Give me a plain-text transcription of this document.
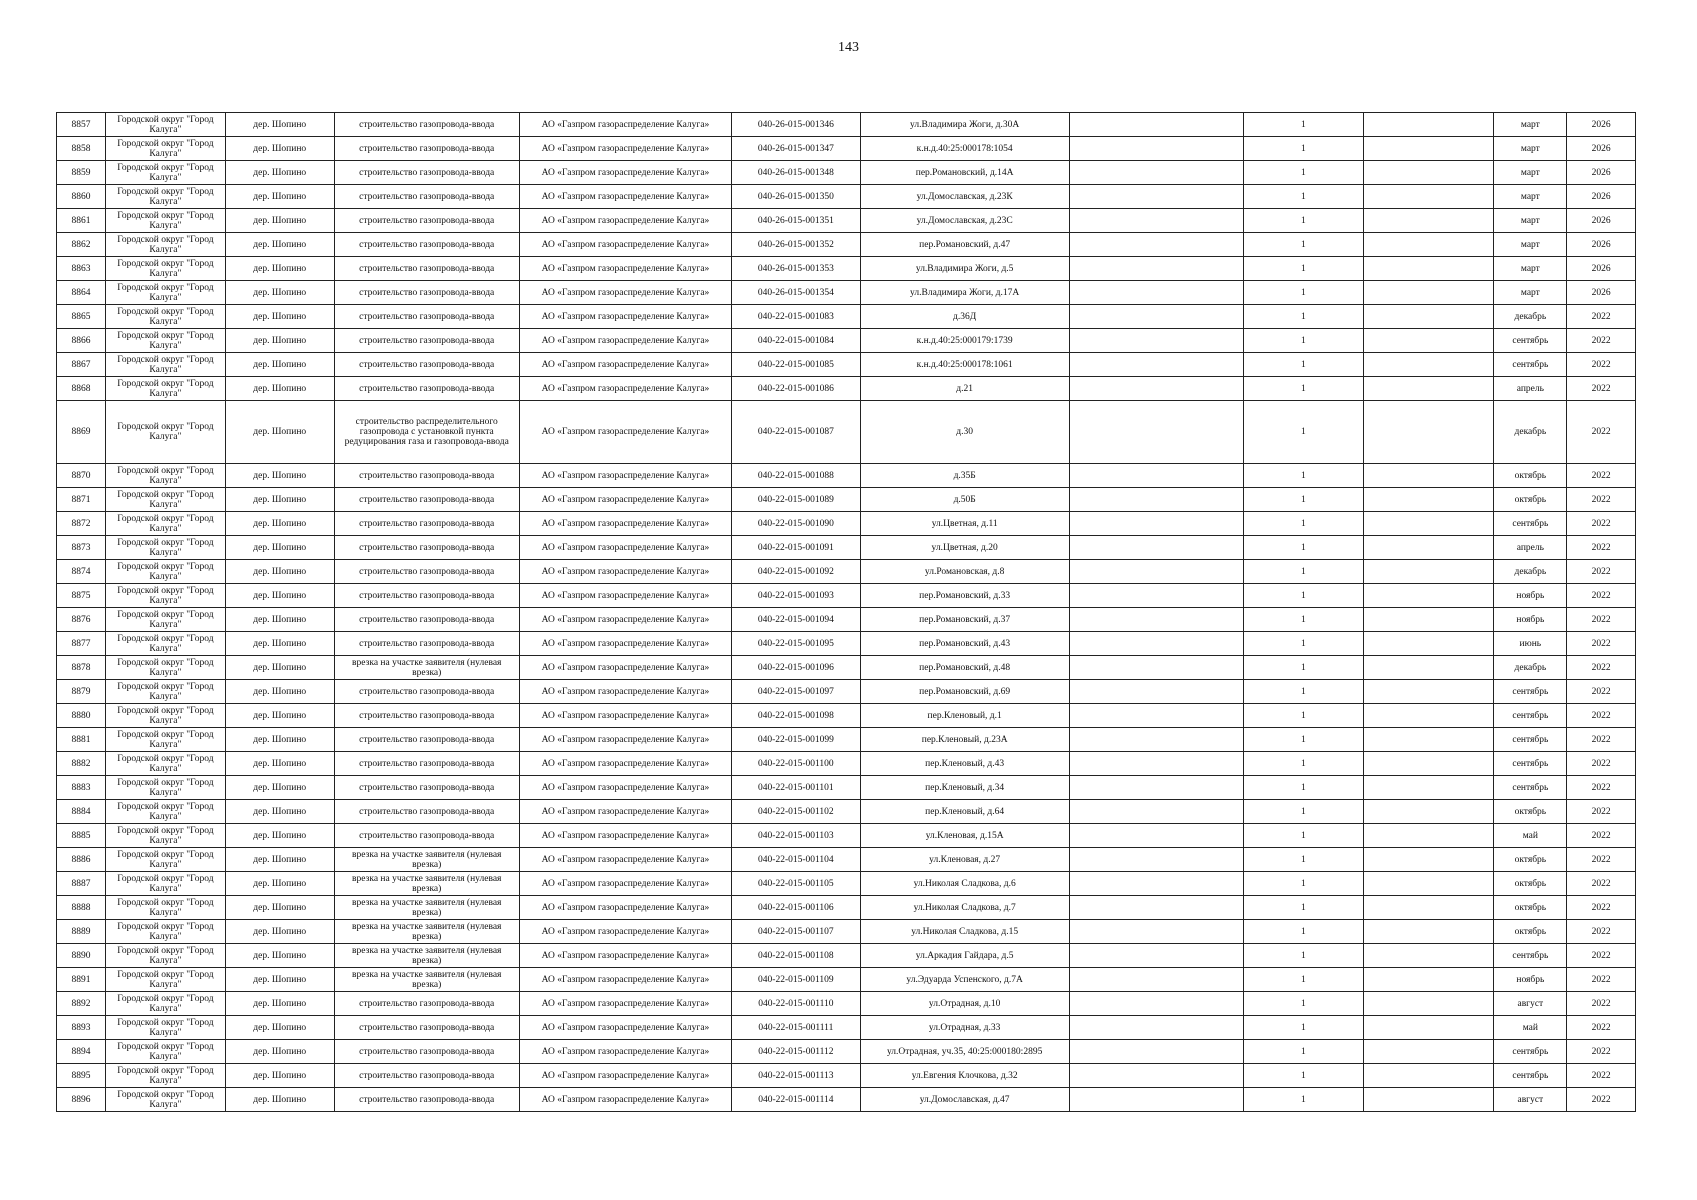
143
8857	Городской округ "Город Калуга"	дер. Шопино	строительство газопровода-ввода	АО «Газпром газораспределение Калуга»	040-26-015-001346	ул.Владимира Жоги, д.30А		1		март	2026
8858	Городской округ "Город Калуга"	дер. Шопино	строительство газопровода-ввода	АО «Газпром газораспределение Калуга»	040-26-015-001347	к.н.д.40:25:000178:1054		1		март	2026
8859	Городской округ "Город Калуга"	дер. Шопино	строительство газопровода-ввода	АО «Газпром газораспределение Калуга»	040-26-015-001348	пер.Романовский, д.14А		1		март	2026
8860	Городской округ "Город Калуга"	дер. Шопино	строительство газопровода-ввода	АО «Газпром газораспределение Калуга»	040-26-015-001350	ул.Домославская, д.23К		1		март	2026
8861	Городской округ "Город Калуга"	дер. Шопино	строительство газопровода-ввода	АО «Газпром газораспределение Калуга»	040-26-015-001351	ул.Домославская, д.23С		1		март	2026
8862	Городской округ "Город Калуга"	дер. Шопино	строительство газопровода-ввода	АО «Газпром газораспределение Калуга»	040-26-015-001352	пер.Романовский, д.47		1		март	2026
8863	Городской округ "Город Калуга"	дер. Шопино	строительство газопровода-ввода	АО «Газпром газораспределение Калуга»	040-26-015-001353	ул.Владимира Жоги, д.5		1		март	2026
8864	Городской округ "Город Калуга"	дер. Шопино	строительство газопровода-ввода	АО «Газпром газораспределение Калуга»	040-26-015-001354	ул.Владимира Жоги, д.17А		1		март	2026
8865	Городской округ "Город Калуга"	дер. Шопино	строительство газопровода-ввода	АО «Газпром газораспределение Калуга»	040-22-015-001083	д.36Д		1		декабрь	2022
8866	Городской округ "Город Калуга"	дер. Шопино	строительство газопровода-ввода	АО «Газпром газораспределение Калуга»	040-22-015-001084	к.н.д.40:25:000179:1739		1		сентябрь	2022
8867	Городской округ "Город Калуга"	дер. Шопино	строительство газопровода-ввода	АО «Газпром газораспределение Калуга»	040-22-015-001085	к.н.д.40:25:000178:1061		1		сентябрь	2022
8868	Городской округ "Город Калуга"	дер. Шопино	строительство газопровода-ввода	АО «Газпром газораспределение Калуга»	040-22-015-001086	д.21		1		апрель	2022
8869	Городской округ "Город Калуга"	дер. Шопино	строительство распределительного газопровода с установкой пункта редуцирования газа и газопровода-ввода	АО «Газпром газораспределение Калуга»	040-22-015-001087	д.30		1		декабрь	2022
8870	Городской округ "Город Калуга"	дер. Шопино	строительство газопровода-ввода	АО «Газпром газораспределение Калуга»	040-22-015-001088	д.35Б		1		октябрь	2022
8871	Городской округ "Город Калуга"	дер. Шопино	строительство газопровода-ввода	АО «Газпром газораспределение Калуга»	040-22-015-001089	д.50Б		1		октябрь	2022
8872	Городской округ "Город Калуга"	дер. Шопино	строительство газопровода-ввода	АО «Газпром газораспределение Калуга»	040-22-015-001090	ул.Цветная, д.11		1		сентябрь	2022
8873	Городской округ "Город Калуга"	дер. Шопино	строительство газопровода-ввода	АО «Газпром газораспределение Калуга»	040-22-015-001091	ул.Цветная, д.20		1		апрель	2022
8874	Городской округ "Город Калуга"	дер. Шопино	строительство газопровода-ввода	АО «Газпром газораспределение Калуга»	040-22-015-001092	ул.Романовская, д.8		1		декабрь	2022
8875	Городской округ "Город Калуга"	дер. Шопино	строительство газопровода-ввода	АО «Газпром газораспределение Калуга»	040-22-015-001093	пер.Романовский, д.33		1		ноябрь	2022
8876	Городской округ "Город Калуга"	дер. Шопино	строительство газопровода-ввода	АО «Газпром газораспределение Калуга»	040-22-015-001094	пер.Романовский, д.37		1		ноябрь	2022
8877	Городской округ "Город Калуга"	дер. Шопино	строительство газопровода-ввода	АО «Газпром газораспределение Калуга»	040-22-015-001095	пер.Романовский, д.43		1		июнь	2022
8878	Городской округ "Город Калуга"	дер. Шопино	врезка на участке заявителя (нулевая врезка)	АО «Газпром газораспределение Калуга»	040-22-015-001096	пер.Романовский, д.48		1		декабрь	2022
8879	Городской округ "Город Калуга"	дер. Шопино	строительство газопровода-ввода	АО «Газпром газораспределение Калуга»	040-22-015-001097	пер.Романовский, д.69		1		сентябрь	2022
8880	Городской округ "Город Калуга"	дер. Шопино	строительство газопровода-ввода	АО «Газпром газораспределение Калуга»	040-22-015-001098	пер.Кленовый, д.1		1		сентябрь	2022
8881	Городской округ "Город Калуга"	дер. Шопино	строительство газопровода-ввода	АО «Газпром газораспределение Калуга»	040-22-015-001099	пер.Кленовый, д.23А		1		сентябрь	2022
8882	Городской округ "Город Калуга"	дер. Шопино	строительство газопровода-ввода	АО «Газпром газораспределение Калуга»	040-22-015-001100	пер.Кленовый, д.43		1		сентябрь	2022
8883	Городской округ "Город Калуга"	дер. Шопино	строительство газопровода-ввода	АО «Газпром газораспределение Калуга»	040-22-015-001101	пер.Кленовый, д.34		1		сентябрь	2022
8884	Городской округ "Город Калуга"	дер. Шопино	строительство газопровода-ввода	АО «Газпром газораспределение Калуга»	040-22-015-001102	пер.Кленовый, д.64		1		октябрь	2022
8885	Городской округ "Город Калуга"	дер. Шопино	строительство газопровода-ввода	АО «Газпром газораспределение Калуга»	040-22-015-001103	ул.Кленовая, д.15А		1		май	2022
8886	Городской округ "Город Калуга"	дер. Шопино	врезка на участке заявителя (нулевая врезка)	АО «Газпром газораспределение Калуга»	040-22-015-001104	ул.Кленовая, д.27		1		октябрь	2022
8887	Городской округ "Город Калуга"	дер. Шопино	врезка на участке заявителя (нулевая врезка)	АО «Газпром газораспределение Калуга»	040-22-015-001105	ул.Николая Сладкова, д.6		1		октябрь	2022
8888	Городской округ "Город Калуга"	дер. Шопино	врезка на участке заявителя (нулевая врезка)	АО «Газпром газораспределение Калуга»	040-22-015-001106	ул.Николая Сладкова, д.7		1		октябрь	2022
8889	Городской округ "Город Калуга"	дер. Шопино	врезка на участке заявителя (нулевая врезка)	АО «Газпром газораспределение Калуга»	040-22-015-001107	ул.Николая Сладкова, д.15		1		октябрь	2022
8890	Городской округ "Город Калуга"	дер. Шопино	врезка на участке заявителя (нулевая врезка)	АО «Газпром газораспределение Калуга»	040-22-015-001108	ул.Аркадия Гайдара, д.5		1		сентябрь	2022
8891	Городской округ "Город Калуга"	дер. Шопино	врезка на участке заявителя (нулевая врезка)	АО «Газпром газораспределение Калуга»	040-22-015-001109	ул.Эдуарда Успенского, д.7А		1		ноябрь	2022
8892	Городской округ "Город Калуга"	дер. Шопино	строительство газопровода-ввода	АО «Газпром газораспределение Калуга»	040-22-015-001110	ул.Отрадная, д.10		1		август	2022
8893	Городской округ "Город Калуга"	дер. Шопино	строительство газопровода-ввода	АО «Газпром газораспределение Калуга»	040-22-015-001111	ул.Отрадная, д.33		1		май	2022
8894	Городской округ "Город Калуга"	дер. Шопино	строительство газопровода-ввода	АО «Газпром газораспределение Калуга»	040-22-015-001112	ул.Отрадная, уч.35, 40:25:000180:2895		1		сентябрь	2022
8895	Городской округ "Город Калуга"	дер. Шопино	строительство газопровода-ввода	АО «Газпром газораспределение Калуга»	040-22-015-001113	ул.Евгения Клочкова, д.32		1		сентябрь	2022
8896	Городской округ "Город Калуга"	дер. Шопино	строительство газопровода-ввода	АО «Газпром газораспределение Калуга»	040-22-015-001114	ул.Домославская, д.47		1		август	2022
